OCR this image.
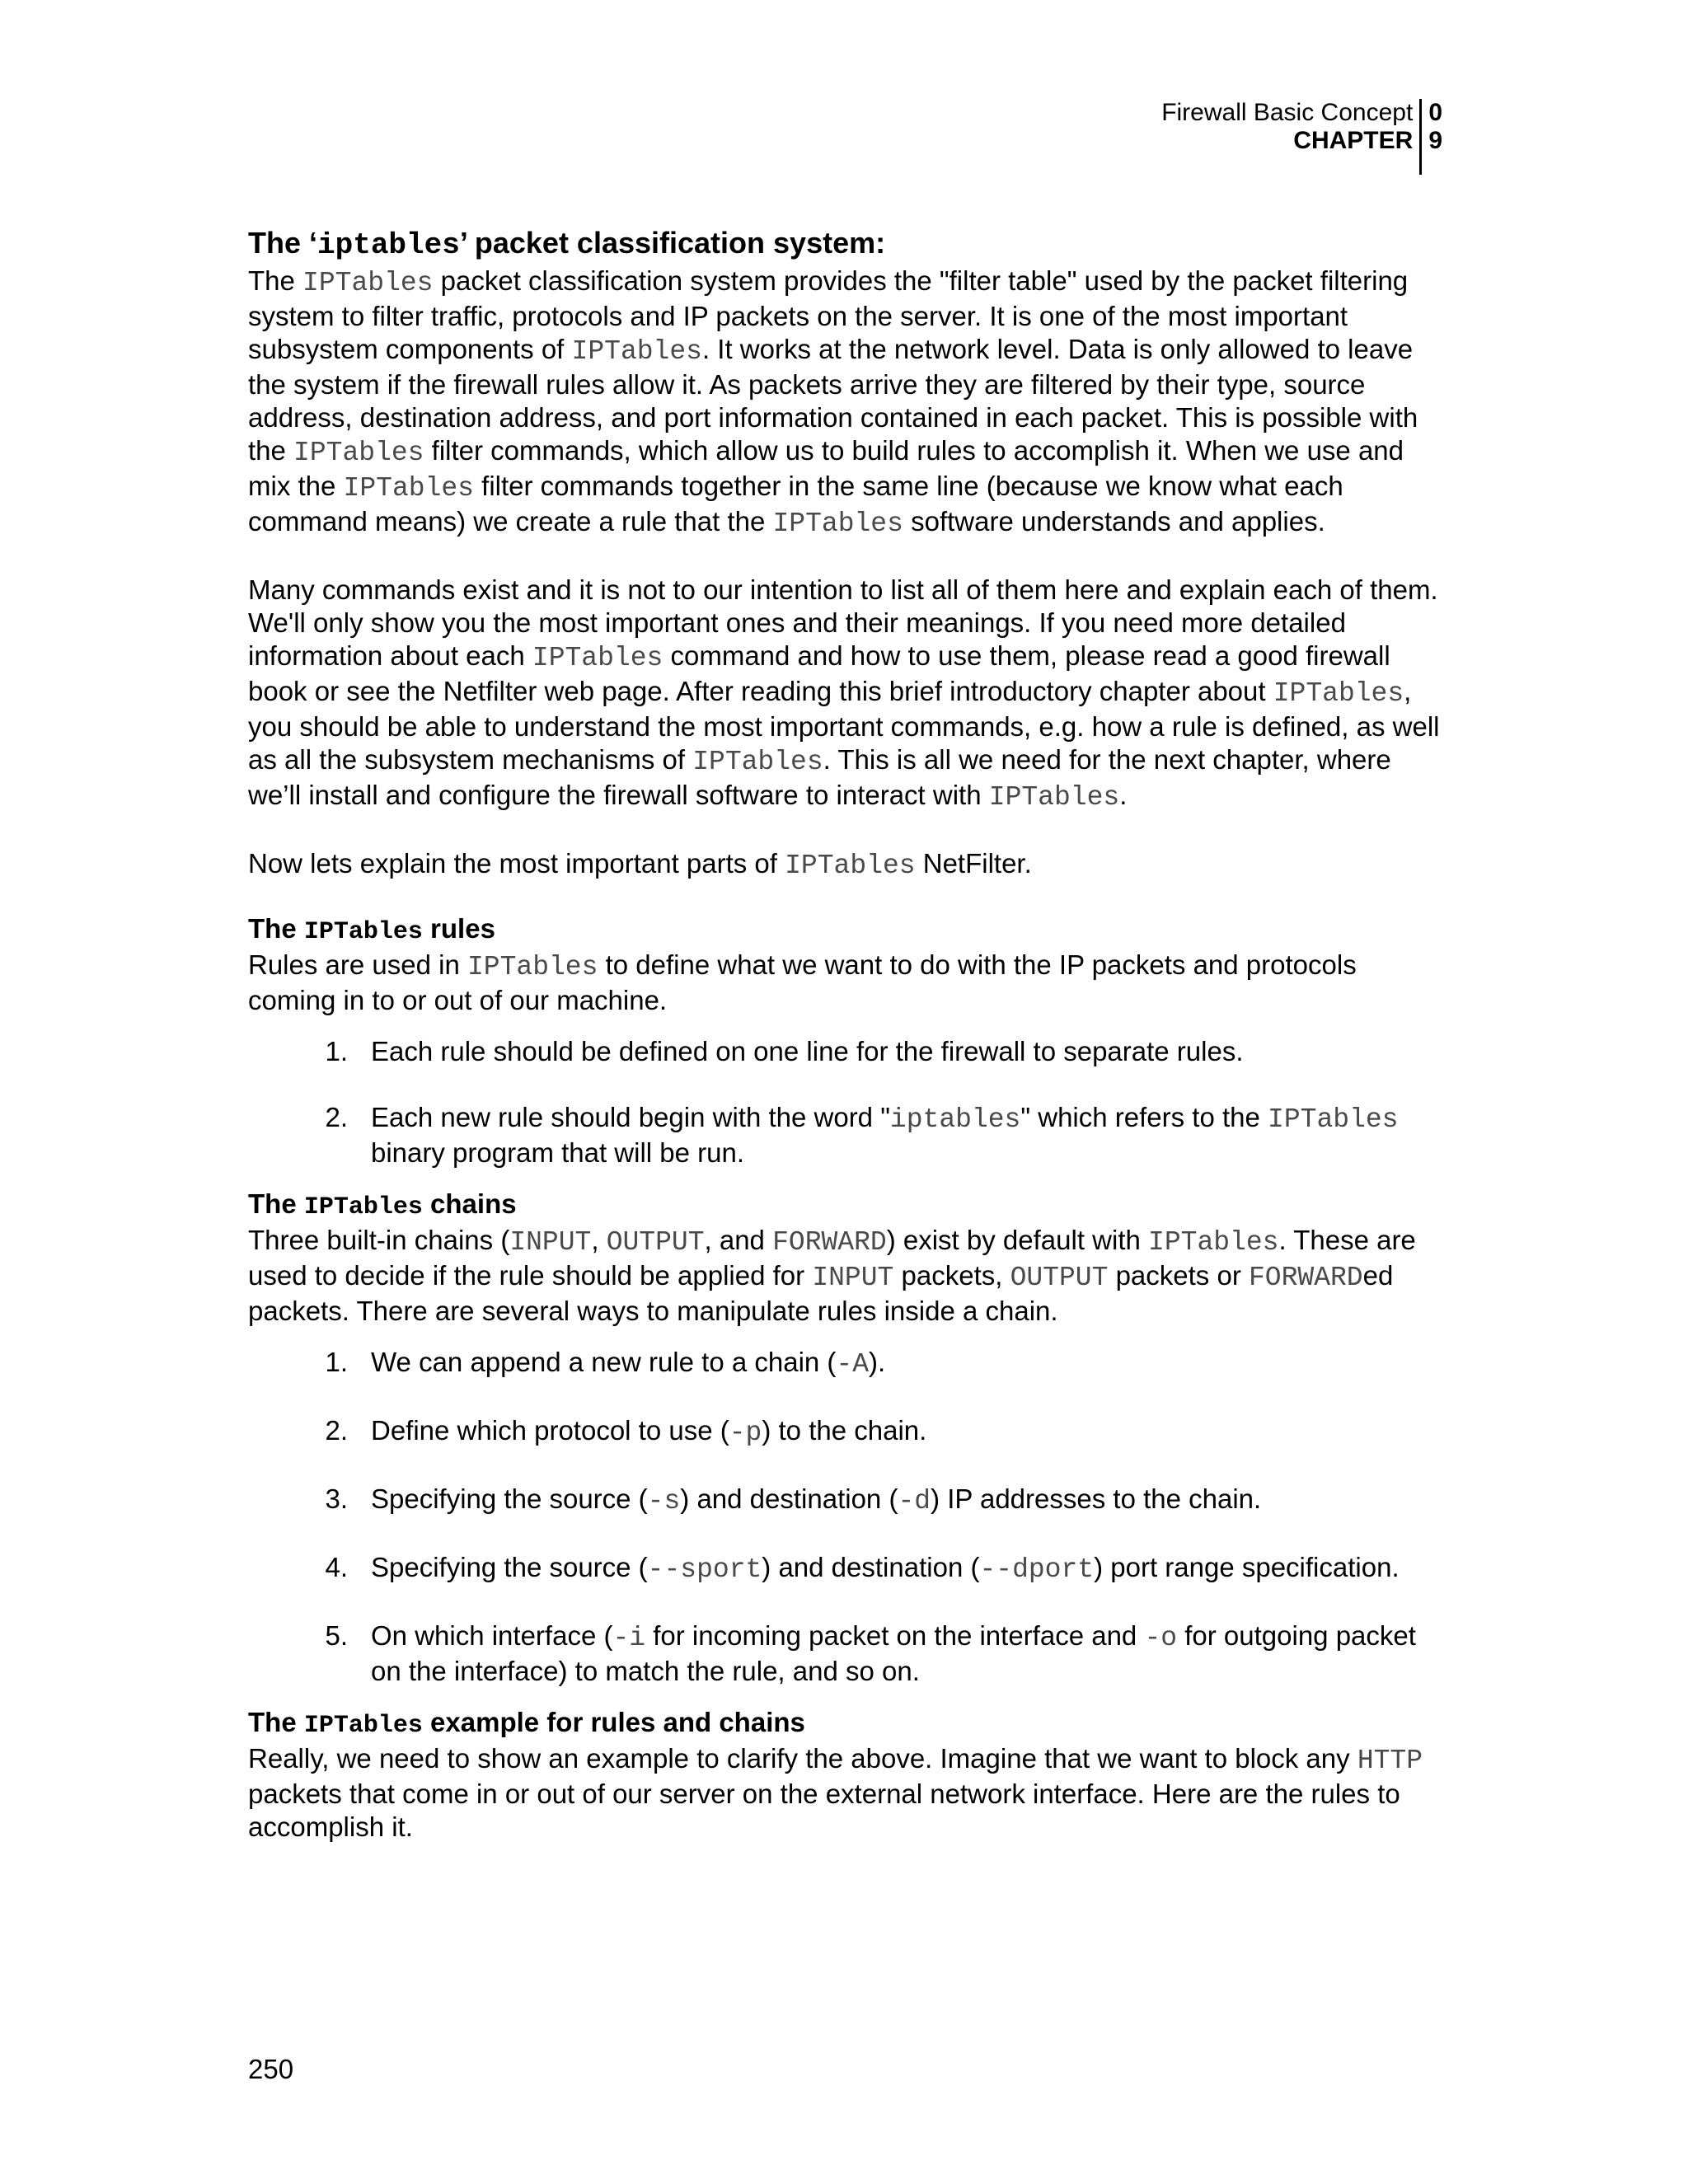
Firewall Basic Concept
CHAPTER
0
9
The ‘iptables’ packet classification system:

The IPTables packet classification system provides the "filter table" used by the packet filtering system to filter traffic, protocols and IP packets on the server. It is one of the most important subsystem components of IPTables. It works at the network level. Data is only allowed to leave the system if the firewall rules allow it. As packets arrive they are filtered by their type, source address, destination address, and port information contained in each packet. This is possible with the IPTables filter commands, which allow us to build rules to accomplish it. When we use and mix the IPTables filter commands together in the same line (because we know what each command means) we create a rule that the IPTables software understands and applies.

Many commands exist and it is not to our intention to list all of them here and explain each of them. We'll only show you the most important ones and their meanings. If you need more detailed information about each IPTables command and how to use them, please read a good firewall book or see the Netfilter web page. After reading this brief introductory chapter about IPTables, you should be able to understand the most important commands, e.g. how a rule is defined, as well as all the subsystem mechanisms of IPTables. This is all we need for the next chapter, where we’ll install and configure the firewall software to interact with IPTables.

Now lets explain the most important parts of IPTables NetFilter.

The IPTables rules

Rules are used in IPTables to define what we want to do with the IP packets and protocols coming in to or out of our machine.

1. Each rule should be defined on one line for the firewall to separate rules.
2. Each new rule should begin with the word "iptables" which refers to the IPTables binary program that will be run.
The IPTables chains

Three built-in chains (INPUT, OUTPUT, and FORWARD) exist by default with IPTables. These are used to decide if the rule should be applied for INPUT packets, OUTPUT packets or FORWARDed packets. There are several ways to manipulate rules inside a chain.

1. We can append a new rule to a chain (-A).
2. Define which protocol to use (-p) to the chain.
3. Specifying the source (-s) and destination (-d) IP addresses to the chain.
4. Specifying the source (--sport) and destination (--dport) port range specification.
5. On which interface (-i for incoming packet on the interface and -o for outgoing packet on the interface) to match the rule, and so on.
The IPTables example for rules and chains

Really, we need to show an example to clarify the above. Imagine that we want to block any HTTP packets that come in or out of our server on the external network interface. Here are the rules to accomplish it.

250
